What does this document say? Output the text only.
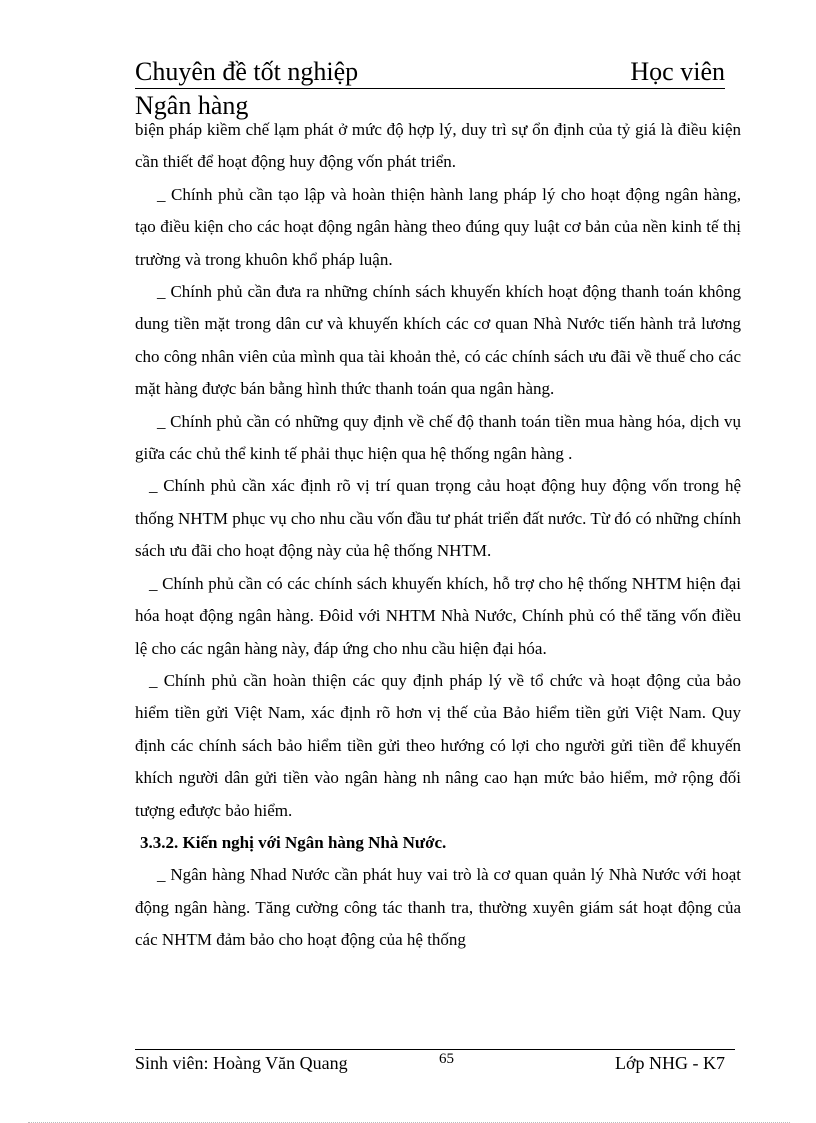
Chuyên đề tốt nghiệp	Học viên
Ngân hàng

biện pháp kiềm chế lạm phát ở mức độ hợp lý, duy trì sự ổn định của tỷ giá là điều kiện cần thiết để hoạt động huy động vốn phát triển.

_ Chính phủ cần tạo lập và hoàn thiện hành lang pháp lý cho hoạt động ngân hàng, tạo điều kiện cho các hoạt động ngân hàng theo đúng quy luật cơ bản của nền kinh tế thị trường và trong khuôn khổ pháp luận.

_ Chính phủ cần đưa ra những chính sách khuyến khích hoạt động thanh toán không dung tiền mặt trong dân cư và khuyến khích các cơ quan Nhà Nước tiến hành trả lương cho công nhân viên của mình qua tài khoản thẻ, có các chính sách ưu đãi về thuế cho các mặt hàng được bán bằng hình thức thanh toán qua ngân hàng.

_ Chính phủ cần có những quy định về chế độ thanh toán tiền mua hàng hóa, dịch vụ giữa các chủ thể kinh tế phải thục hiện qua hệ thống ngân hàng .

_ Chính phủ cần xác định rõ vị trí quan trọng cảu hoạt động huy động vốn trong hệ thống NHTM phục vụ cho nhu cầu vốn đầu tư phát triển đất nước. Từ đó có những chính sách ưu đãi cho hoạt động này của hệ thống NHTM.

_ Chính phủ cần có các chính sách khuyến khích, hỗ trợ cho hệ thống NHTM hiện đại hóa hoạt động ngân hàng. Đôid với NHTM Nhà Nước, Chính phủ có thể tăng vốn điều lệ cho các ngân hàng này, đáp ứng cho nhu cầu hiện đại hóa.

_ Chính phủ cần hoàn thiện các quy định pháp lý về tổ chức và hoạt động của bảo hiểm tiền gửi Việt Nam, xác định rõ hơn vị thế của Bảo hiểm tiền gửi Việt Nam. Quy định các chính sách bảo hiểm tiền gửi theo hướng có lợi cho người gửi tiền để khuyến khích người dân gửi tiền vào ngân hàng nh nâng cao hạn mức bảo hiểm, mở rộng đối tượng eđược bảo hiểm.

3.3.2. Kiến nghị với Ngân hàng Nhà Nước.

_ Ngân hàng Nhad Nước cần phát huy vai trò là cơ quan quản lý Nhà Nước với hoạt động ngân hàng. Tăng cường công tác thanh tra, thường xuyên giám sát hoạt động của các NHTM đảm bảo cho hoạt động của hệ thống

Sinh viên: Hoàng Văn Quang	65	Lớp NHG - K7
